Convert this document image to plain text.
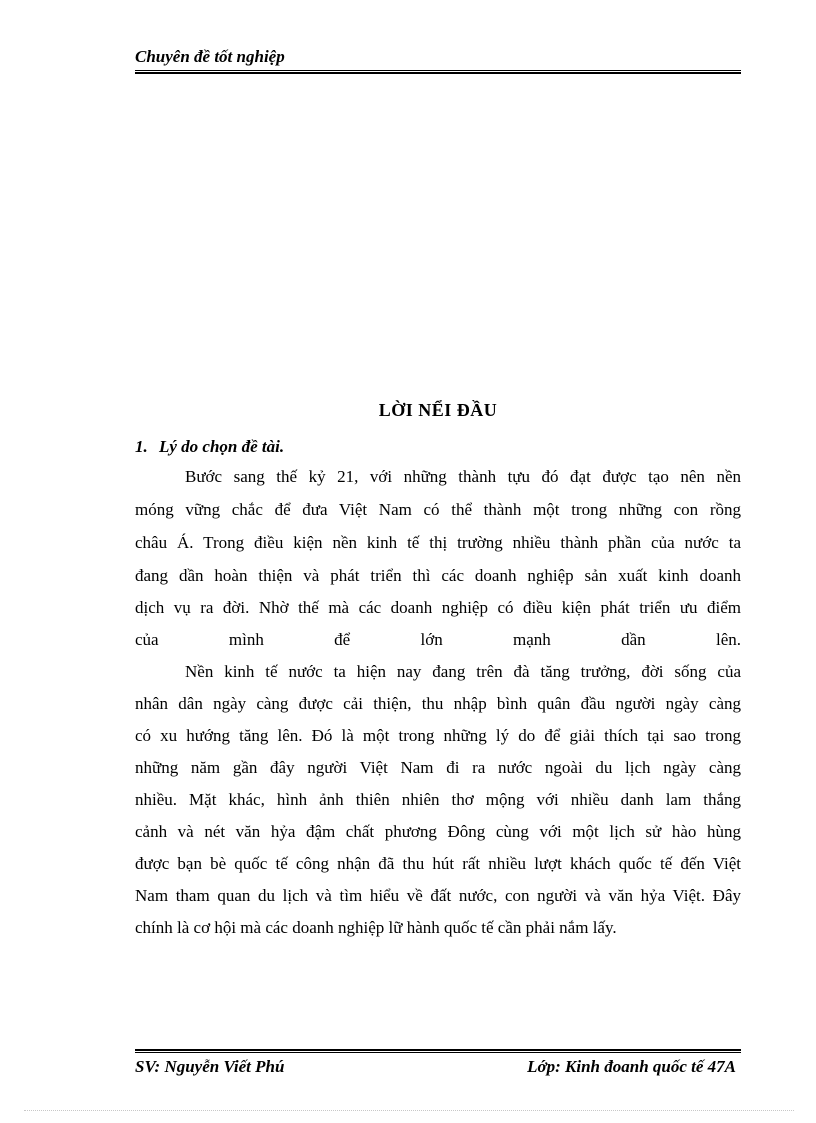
Chuyên đề tốt nghiệp
LỜI NỂI ĐẦU
1. Lý do chọn đề tài.
Bước sang thế kỷ 21, với những thành tựu đó đạt được tạo nên nền
móng vững chắc để đưa Việt Nam có thể thành một trong những con rồng
châu Á. Trong điều kiện nền kinh tế thị trường nhiều thành phần của nước ta
đang dần hoàn thiện và phát triển thì các doanh nghiệp sản xuất kinh doanh
dịch vụ ra đời. Nhờ thế mà các doanh nghiệp có điều kiện phát triển ưu điểm
của mình để lớn mạnh dần lên.
Nền kinh tế nước ta hiện nay đang trên đà tăng trưởng, đời sống của
nhân dân ngày càng được cải thiện, thu nhập bình quân đầu người ngày càng
có xu hướng tăng lên. Đó là một trong những lý do để giải thích tại sao trong
những năm gần đây người Việt Nam đi ra nước ngoài du lịch ngày càng
nhiều. Mặt khác, hình ảnh thiên nhiên thơ mộng với nhiều danh lam thắng
cảnh và nét văn hỷa đậm chất phương Đông cùng với một lịch sử hào hùng
được bạn bè quốc tế công nhận đã thu hút rất nhiều lượt khách quốc tế đến Việt
Nam tham quan du lịch và tìm hiểu về đất nước, con người và văn hỷa Việt. Đây
chính là cơ hội mà các doanh nghiệp lữ hành quốc tế cần phải nắm lấy.
SV: Nguyễn Viết Phú	Lớp: Kinh đoanh quốc tế 47A
